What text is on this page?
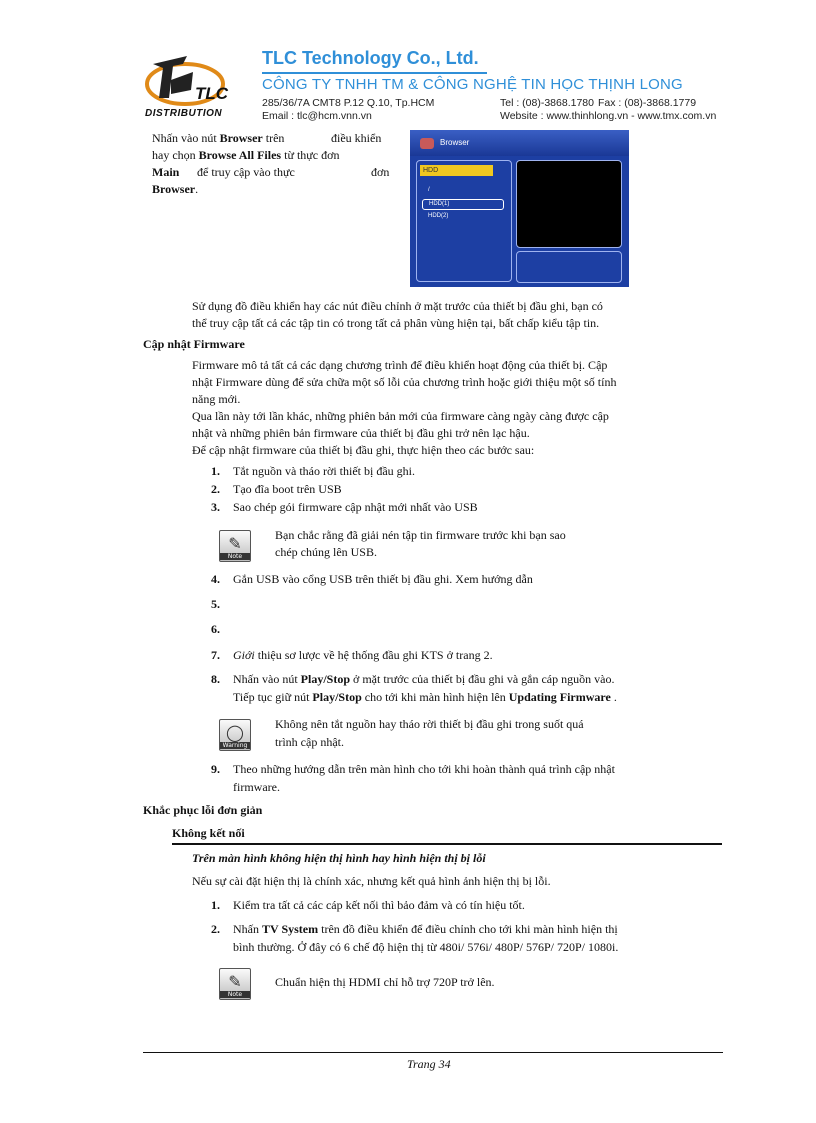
TLC
DISTRIBUTION
TLC Technology Co., Ltd.
CÔNG TY TNHH TM & CÔNG NGHỆ TIN HỌC THỊNH LONG
285/36/7A CMT8 P.12 Q.10, Tp.HCM	Tel : (08)-3868.1780 Fax : (08)-3868.1779
Email : tlc@hcm.vnn.vn	Website : www.thinhlong.vn - www.tmx.com.vn
Nhấn vào nút Browser trên	điều khiển
hay chọn Browse All Files từ thực đơn
Main để truy cập vào thực	đơn
Browser.
Browser
HDD
/
HDD(1)
HDD(2)
Sử dụng đồ điều khiển hay các nút điều chỉnh ở mặt trước của thiết bị đầu ghi, bạn có
thể truy cập tất cả các tập tin có trong tất cả phân vùng hiện tại, bất chấp kiểu tập tin.
Cập nhật Firmware
Firmware mô tả tất cả các dạng chương trình để điều khiển hoạt động của thiết bị. Cập
nhật Firmware dùng để sửa chữa một số lỗi của chương trình hoặc giới thiệu một số tính
năng mới.
Qua lần này tới lần khác, những phiên bản mới của firmware càng ngày càng được cập
nhật và những phiên bản firmware của thiết bị đầu ghi trở nên lạc hậu.
Để cập nhật firmware của thiết bị đầu ghi, thực hiện theo các bước sau:
1. Tắt nguồn và tháo rời thiết bị đầu ghi.
2. Tạo đĩa boot trên USB
3. Sao chép gói firmware cập nhật mới nhất vào USB
✎
Note
Bạn chắc rằng đã giải nén tập tin firmware trước khi bạn sao
chép chúng lên USB.
4. Gắn USB vào cổng USB trên thiết bị đầu ghi. Xem hướng dẫn
5.
6.
7. Giới thiệu sơ lược về hệ thống đầu ghi KTS ở trang 2.
8. Nhấn vào nút Play/Stop ở mặt trước của thiết bị đầu ghi và gắn cáp nguồn vào.
Tiếp tục giữ nút Play/Stop cho tới khi màn hình hiện lên Updating Firmware .
◯
Warning
Không nên tắt nguồn hay tháo rời thiết bị đầu ghi trong suốt quá
trình cập nhật.
9. Theo những hướng dẫn trên màn hình cho tới khi hoàn thành quá trình cập nhật
firmware.
Khắc phục lỗi đơn giản
Không kết nối
Trên màn hình không hiện thị hình hay hình hiện thị bị lỗi
Nếu sự cài đặt hiện thị là chính xác, nhưng kết quả hình ảnh hiện thị bị lỗi.
1. Kiểm tra tất cả các cáp kết nối thì bảo đảm và có tín hiệu tốt.
2. Nhấn TV System trên đồ điều khiển để điều chỉnh cho tới khi màn hình hiện thị
bình thường. Ở đây có 6 chế độ hiện thị từ 480i/ 576i/ 480P/ 576P/ 720P/ 1080i.
✎
Note
Chuẩn hiện thị HDMI chỉ hỗ trợ 720P trở lên.
Trang 34
